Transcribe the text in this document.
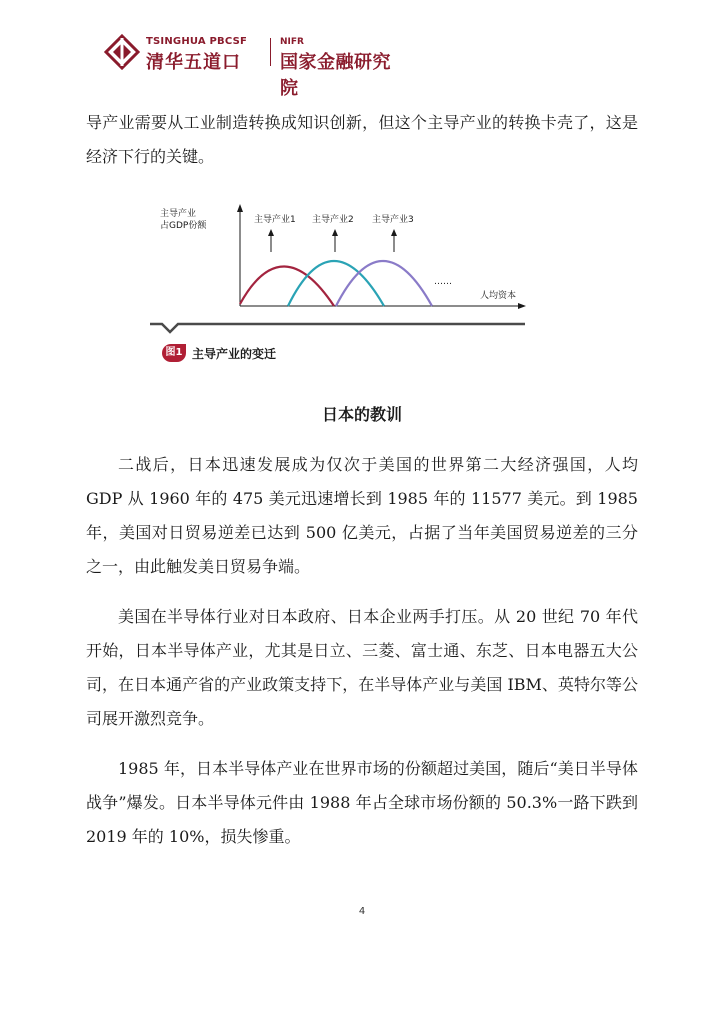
TSINGHUA PBCSF
清华五道口
NIFR
国家金融研究院

导产业需要从工业制造转换成知识创新，但这个主导产业的转换卡壳了，这是经济下行的关键。

主导产业
占GDP份额
人均资本
主导产业1 主导产业2 主导产业3
……
图1 主导产业的变迁
日本的教训

二战后，日本迅速发展成为仅次于美国的世界第二大经济强国，人均 GDP 从 1960 年的 475 美元迅速增长到 1985 年的 11577 美元。到 1985 年，美国对日贸易逆差已达到 500 亿美元，占据了当年美国贸易逆差的三分之一，由此触发美日贸易争端。

美国在半导体行业对日本政府、日本企业两手打压。从 20 世纪 70 年代开始，日本半导体产业，尤其是日立、三菱、富士通、东芝、日本电器五大公司，在日本通产省的产业政策支持下，在半导体产业与美国 IBM、英特尔等公司展开激烈竞争。

1985 年，日本半导体产业在世界市场的份额超过美国，随后“美日半导体战争”爆发。日本半导体元件由 1988 年占全球市场份额的 50.3%一路下跌到 2019 年的 10%，损失惨重。

4
